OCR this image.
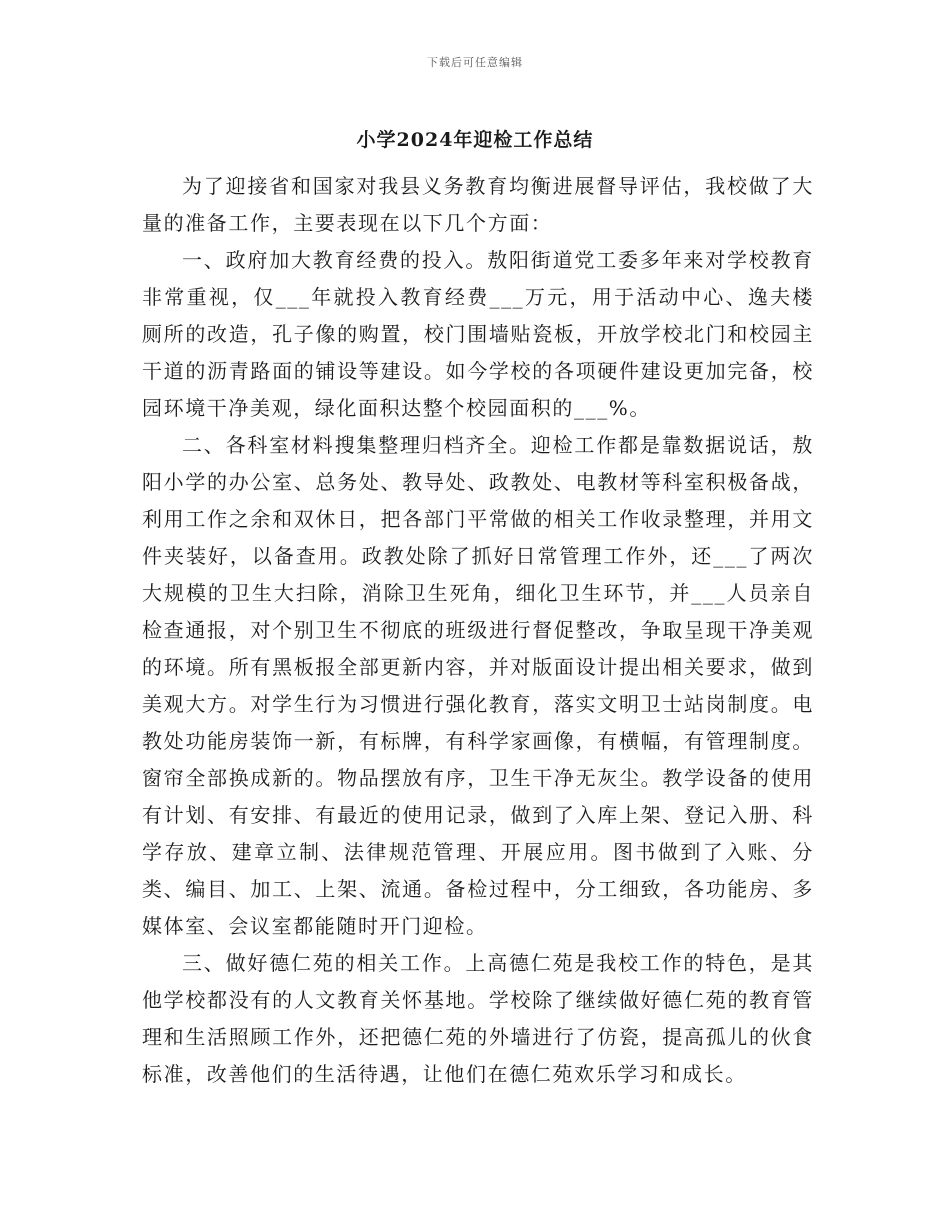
下载后可任意编辑
小学2024年迎检工作总结

为了迎接省和国家对我县义务教育均衡进展督导评估，我校做了大量的准备工作，主要表现在以下几个方面：

一、政府加大教育经费的投入。敖阳街道党工委多年来对学校教育非常重视，仅___年就投入教育经费___万元，用于活动中心、逸夫楼厕所的改造，孔子像的购置，校门围墙贴瓷板，开放学校北门和校园主干道的沥青路面的铺设等建设。如今学校的各项硬件建设更加完备，校园环境干净美观，绿化面积达整个校园面积的___%。

二、各科室材料搜集整理归档齐全。迎检工作都是靠数据说话，敖阳小学的办公室、总务处、教导处、政教处、电教材等科室积极备战，利用工作之余和双休日，把各部门平常做的相关工作收录整理，并用文件夹装好，以备查用。政教处除了抓好日常管理工作外，还___了两次大规模的卫生大扫除，消除卫生死角，细化卫生环节，并___人员亲自检查通报，对个别卫生不彻底的班级进行督促整改，争取呈现干净美观的环境。所有黑板报全部更新内容，并对版面设计提出相关要求，做到美观大方。对学生行为习惯进行强化教育，落实文明卫士站岗制度。电教处功能房装饰一新，有标牌，有科学家画像，有横幅，有管理制度。窗帘全部换成新的。物品摆放有序，卫生干净无灰尘。教学设备的使用有计划、有安排、有最近的使用记录，做到了入库上架、登记入册、科学存放、建章立制、法律规范管理、开展应用。图书做到了入账、分类、编目、加工、上架、流通。备检过程中，分工细致，各功能房、多媒体室、会议室都能随时开门迎检。

三、做好德仁苑的相关工作。上高德仁苑是我校工作的特色，是其他学校都没有的人文教育关怀基地。学校除了继续做好德仁苑的教育管理和生活照顾工作外，还把德仁苑的外墙进行了仿瓷，提高孤儿的伙食标准，改善他们的生活待遇，让他们在德仁苑欢乐学习和成长。
